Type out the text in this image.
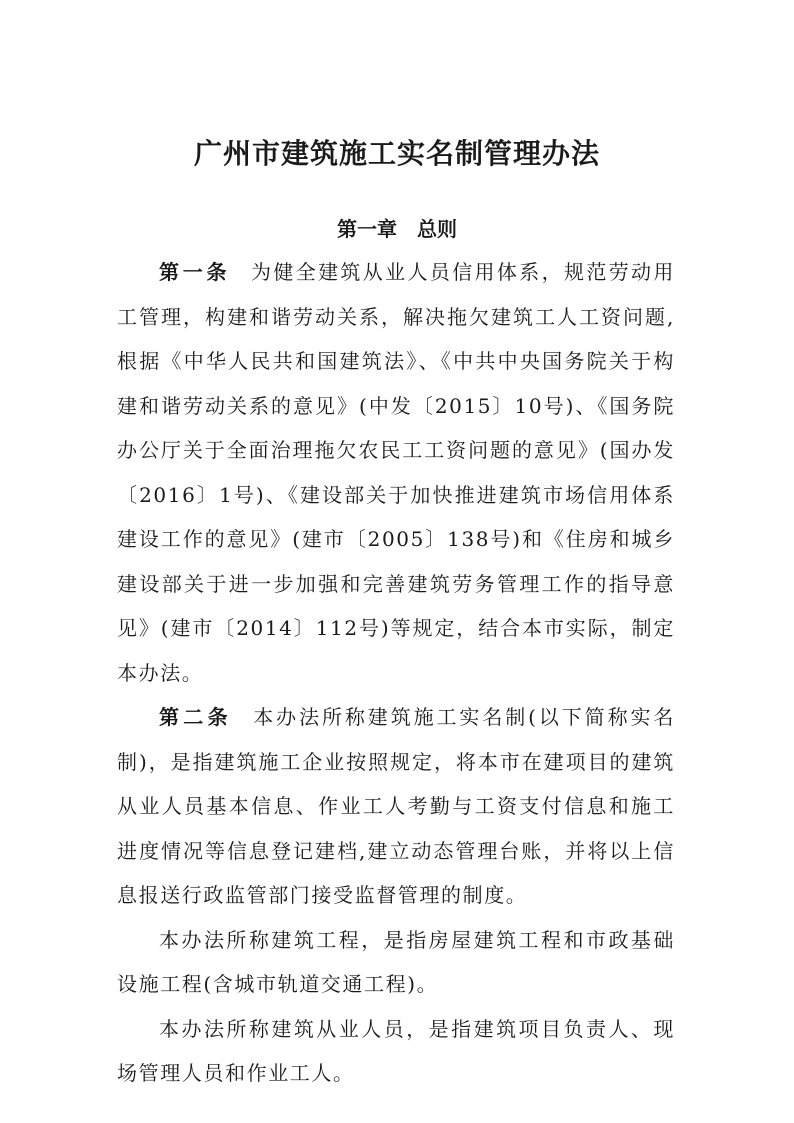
广州市建筑施工实名制管理办法
第一章 总则

第一条 为健全建筑从业人员信用体系，规范劳动用工管理，构建和谐劳动关系，解决拖欠建筑工人工资问题,根据《中华人民共和国建筑法》、《中共中央国务院关于构建和谐劳动关系的意见》(中发〔2015〕10号)、《国务院办公厅关于全面治理拖欠农民工工资问题的意见》(国办发〔2016〕1号)、《建设部关于加快推进建筑市场信用体系建设工作的意见》(建市〔2005〕138号)和《住房和城乡建设部关于进一步加强和完善建筑劳务管理工作的指导意见》(建市〔2014〕112号)等规定，结合本市实际，制定本办法。

第二条 本办法所称建筑施工实名制(以下简称实名制)，是指建筑施工企业按照规定，将本市在建项目的建筑从业人员基本信息、作业工人考勤与工资支付信息和施工进度情况等信息登记建档,建立动态管理台账，并将以上信息报送行政监管部门接受监督管理的制度。

本办法所称建筑工程，是指房屋建筑工程和市政基础设施工程(含城市轨道交通工程)。

本办法所称建筑从业人员，是指建筑项目负责人、现场管理人员和作业工人。
